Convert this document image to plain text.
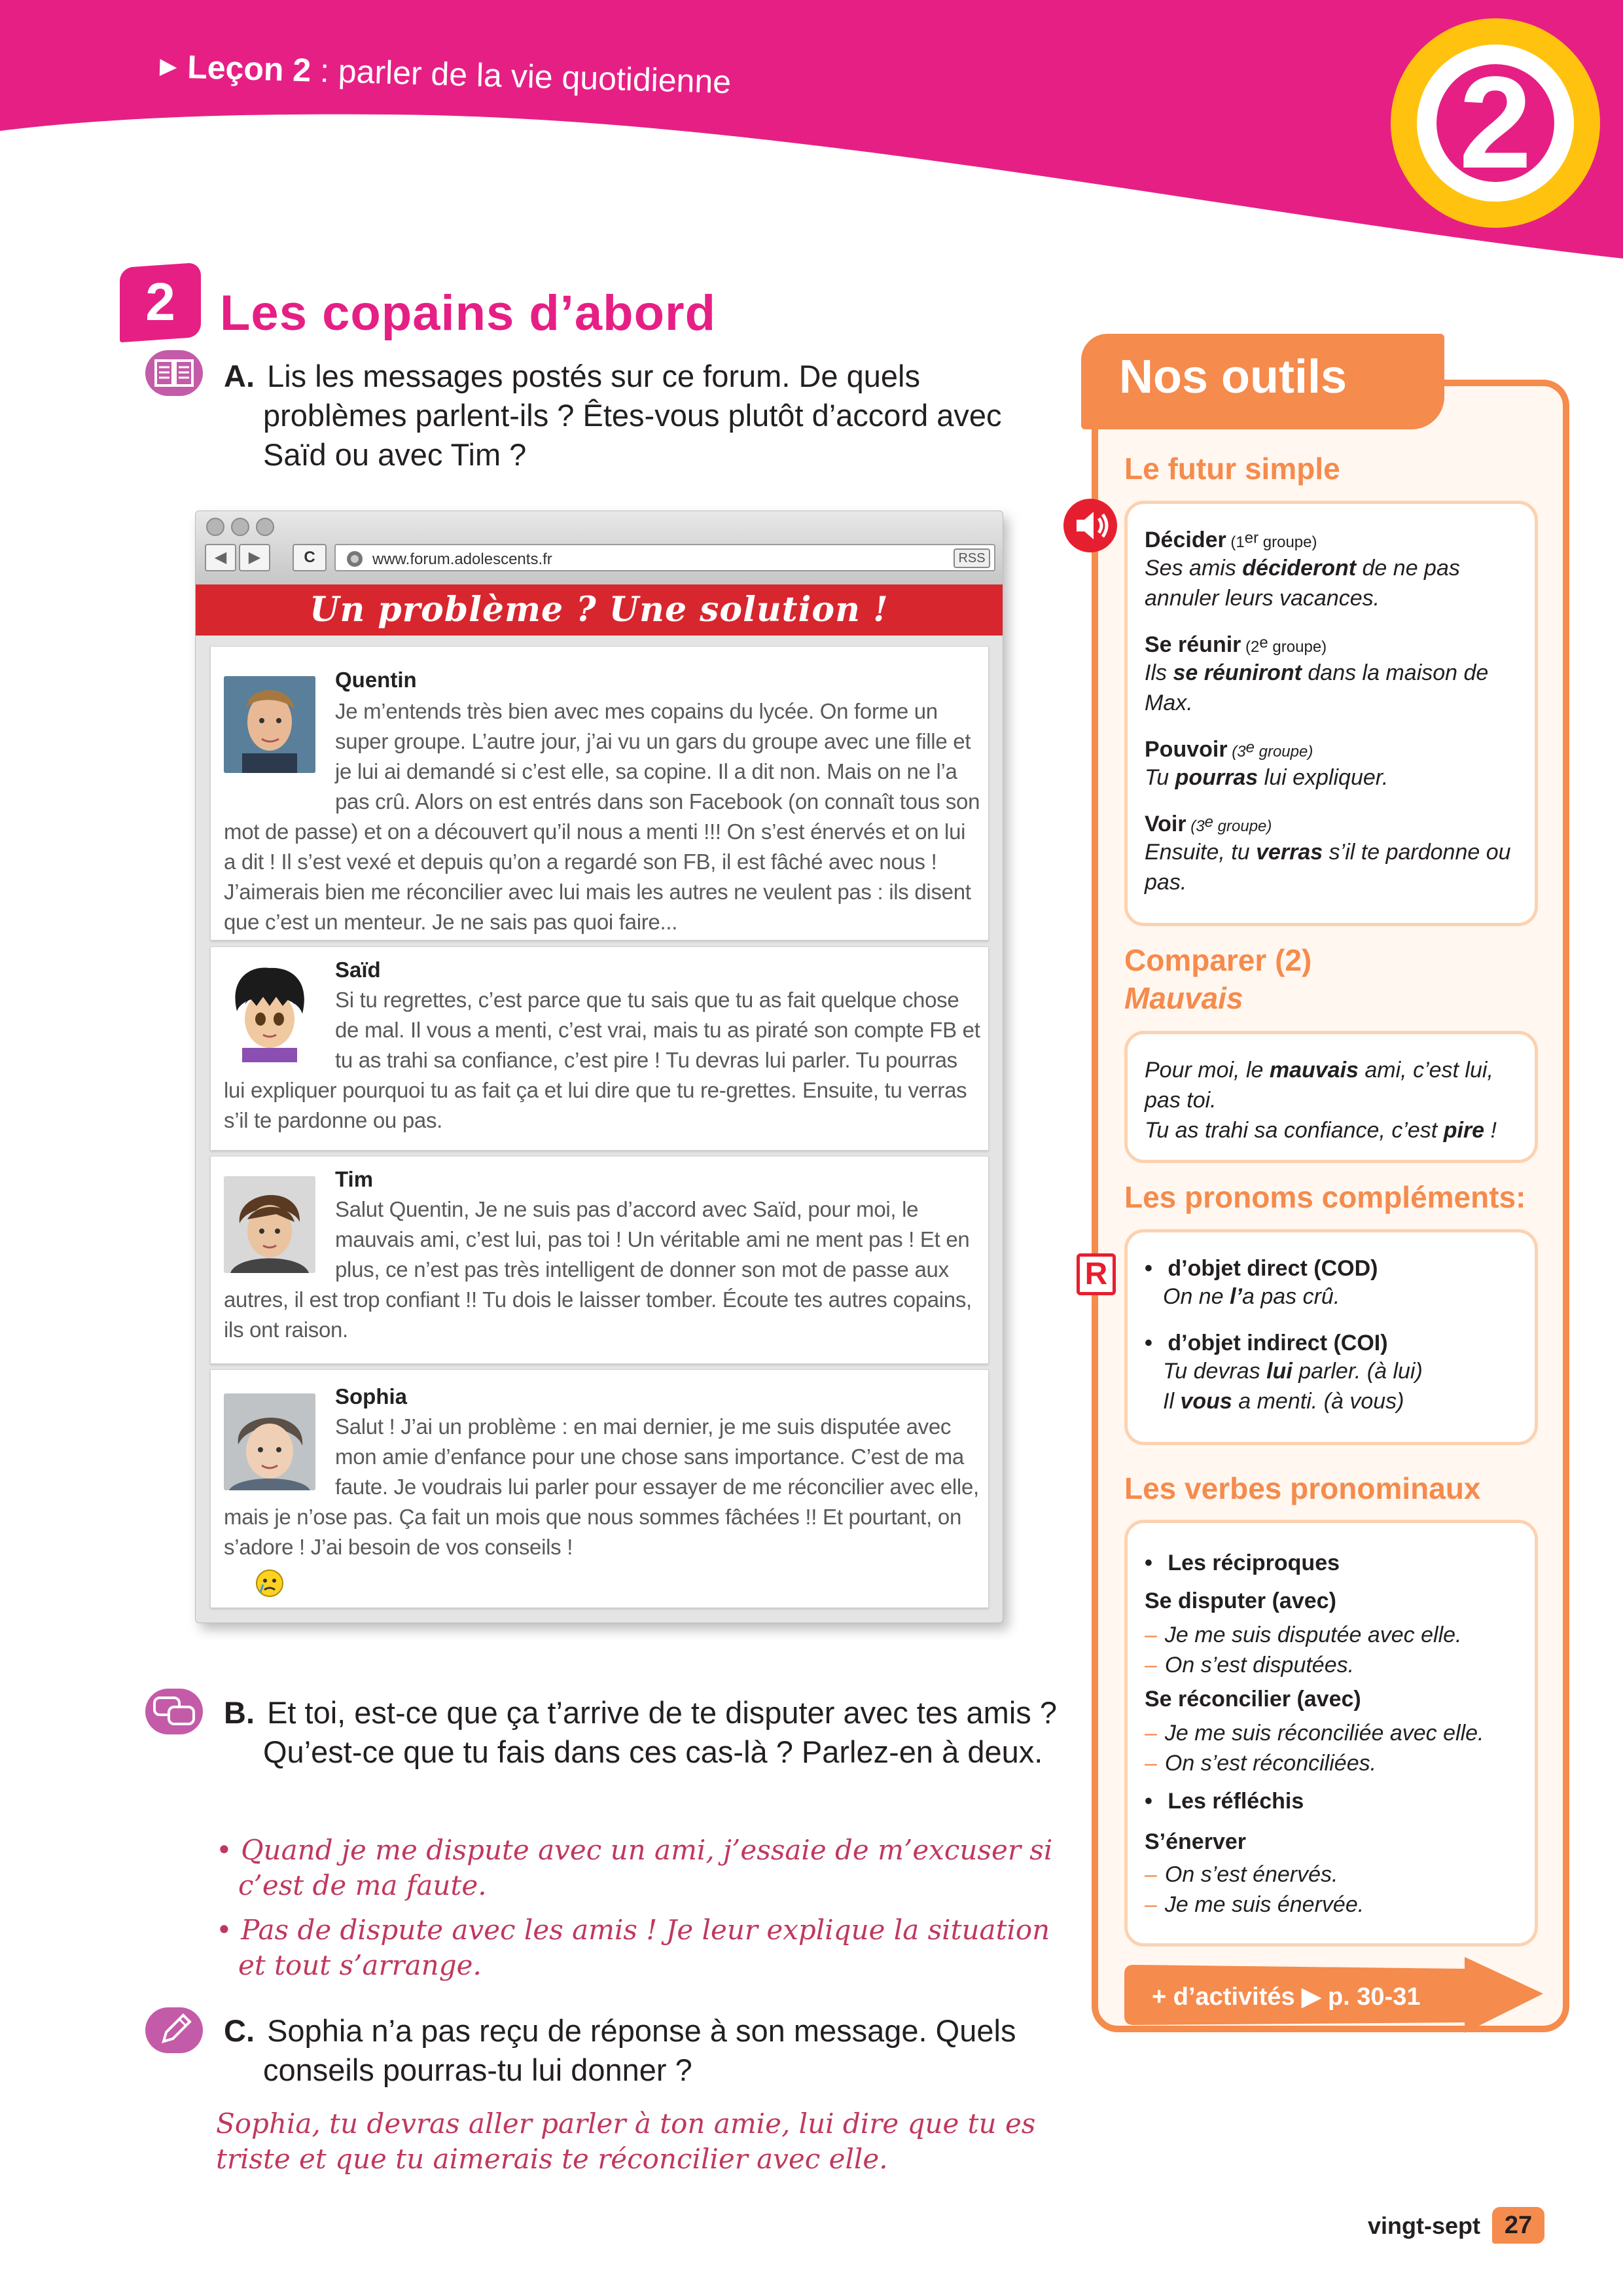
▶ Leçon 2 : parler de la vie quotidienne	2
2 Les copains d’abord
A. Lis les messages postés sur ce forum. De quels problèmes parlent-ils ? Êtes-vous plutôt d’accord avec Saïd ou avec Tim ?
◀	▶	C	www.forum.adolescents.fr	RSS
Un problème ? Une solution !
Quentin
Je m’entends très bien avec mes copains du lycée. On forme un super groupe. L’autre jour, j’ai vu un gars du groupe avec une fille et je lui ai demandé si c’est elle, sa copine. Il a dit non. Mais on ne l’a pas crû. Alors on est entrés dans son Facebook (on connaît tous son mot de passe) et on a découvert qu’il nous a menti !!! On s’est énervés et on lui a dit ! Il s’est vexé et depuis qu’on a regardé son FB, il est fâché avec nous ! J’aimerais bien me réconcilier avec lui mais les autres ne veulent pas : ils disent que c’est un menteur. Je ne sais pas quoi faire...
Saïd
Si tu regrettes, c’est parce que tu sais que tu as fait quelque chose de mal. Il vous a menti, c’est vrai, mais tu as piraté son compte FB et tu as trahi sa confiance, c’est pire ! Tu devras lui parler. Tu pourras lui expliquer pourquoi tu as fait ça et lui dire que tu re-grettes. Ensuite, tu verras s’il te pardonne ou pas.
Tim
Salut Quentin, Je ne suis pas d’accord avec Saïd, pour moi, le mauvais ami, c’est lui, pas toi ! Un véritable ami ne ment pas ! Et en plus, ce n’est pas très intelligent de donner son mot de passe aux autres, il est trop confiant !! Tu dois le laisser tomber. Écoute tes autres copains, ils ont raison.
Sophia
Salut ! J’ai un problème : en mai dernier, je me suis disputée avec mon amie d’enfance pour une chose sans importance. C’est de ma faute. Je voudrais lui parler pour essayer de me réconcilier avec elle, mais je n’ose pas. Ça fait un mois que nous sommes fâchées !! Et pourtant, on s’adore ! J’ai besoin de vos conseils !
B. Et toi, est-ce que ça t’arrive de te disputer avec tes amis ? Qu’est-ce que tu fais dans ces cas-là ? Parlez-en à deux.
• Quand je me dispute avec un ami, j’essaie de m’excuser si c’est de ma faute.
• Pas de dispute avec les amis ! Je leur explique la situation et tout s’arrange.
C. Sophia n’a pas reçu de réponse à son message. Quels conseils pourras-tu lui donner ?
Sophia, tu devras aller parler à ton amie, lui dire que tu es triste et que tu aimerais te réconcilier avec elle.
Nos outils
Le futur simple
Décider (1er groupe)
Ses amis décideront de ne pas annuler leurs vacances.
Se réunir (2e groupe)
Ils se réuniront dans la maison de Max.
Pouvoir (3e groupe)
Tu pourras lui expliquer.
Voir (3e groupe)
Ensuite, tu verras s’il te pardonne ou pas.
Comparer (2)
Mauvais
Pour moi, le mauvais ami, c’est lui, pas toi.
Tu as trahi sa confiance, c’est pire !
Les pronoms compléments:
R	• d’objet direct (COD)
On ne l’a pas crû.
• d’objet indirect (COI)
Tu devras lui parler. (à lui)
Il vous a menti. (à vous)
Les verbes pronominaux
• Les réciproques
Se disputer (avec)
– Je me suis disputée avec elle.
– On s’est disputées.
Se réconcilier (avec)
– Je me suis réconciliée avec elle.
– On s’est réconciliées.
• Les réfléchis
S’énerver
– On s’est énervés.
– Je me suis énervée.
+ d’activités ▶ p. 30-31
vingt-sept 27
